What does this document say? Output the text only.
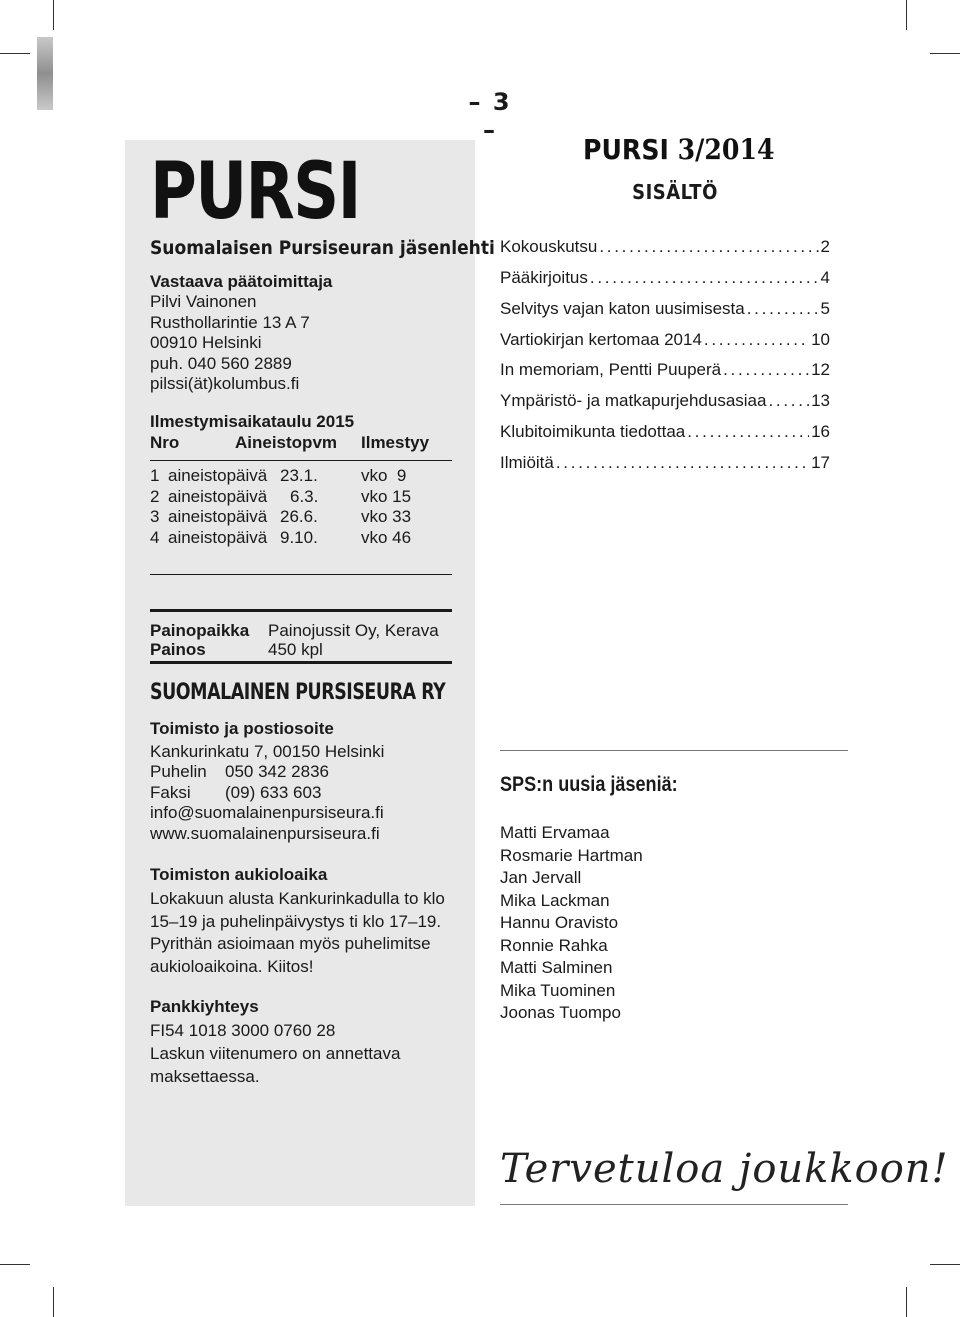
– 3 –
PURSI
Suomalaisen Pursiseuran jäsenlehti
Vastaava päätoimittaja
Pilvi Vainonen
Rusthollarintie 13 A 7
00910 Helsinki
puh. 040 560 2889
pilssi(ät)kolumbus.fi
Ilmestymisaikataulu 2015
Nro	Aineistopvm Ilmestyy
1 aineistopäivä 23.1.	vko  9
2 aineistopäivä 6.3.	vko 15
3 aineistopäivä 26.6.	vko 33
4 aineistopäivä 9.10.	vko 46
Painopaikka Painojussit Oy, Kerava
Painos	450 kpl
SUOMALAINEN PURSISEURA RY
Toimisto ja postiosoite
Kankurinkatu 7, 00150 Helsinki
Puhelin 050 342 2836
Faksi (09) 633 603
info@suomalainenpursiseura.fi
www.suomalainenpursiseura.fi
Toimiston aukioloaika
Lokakuun alusta Kankurinkadulla to klo
15–19 ja puhelinpäivystys ti klo 17–19.
Pyrithän asioimaan myös puhelimitse
aukioloaikoina. Kiitos!
Pankkiyhteys
FI54 1018 3000 0760 28
Laskun viitenumero on annettava
maksettaessa.
PURSI 3/2014
SISÄLTÖ
Kokouskutsu . . .	2
Pääkirjoitus . . .	4
Selvitys vajan katon uusimisesta . . .	5
Vartiokirjan kertomaa 2014 . . .	10
In memoriam, Pentti Puuperä . . .	12
Ympäristö- ja matkapurjehdusasiaa . . .	13
Klubitoimikunta tiedottaa . . .	16
Ilmiöitä . . .	17
SPS:n uusia jäseniä:
Matti Ervamaa
Rosmarie Hartman
Jan Jervall
Mika Lackman
Hannu Oravisto
Ronnie Rahka
Matti Salminen
Mika Tuominen
Joonas Tuompo
Tervetuloa joukkoon!
